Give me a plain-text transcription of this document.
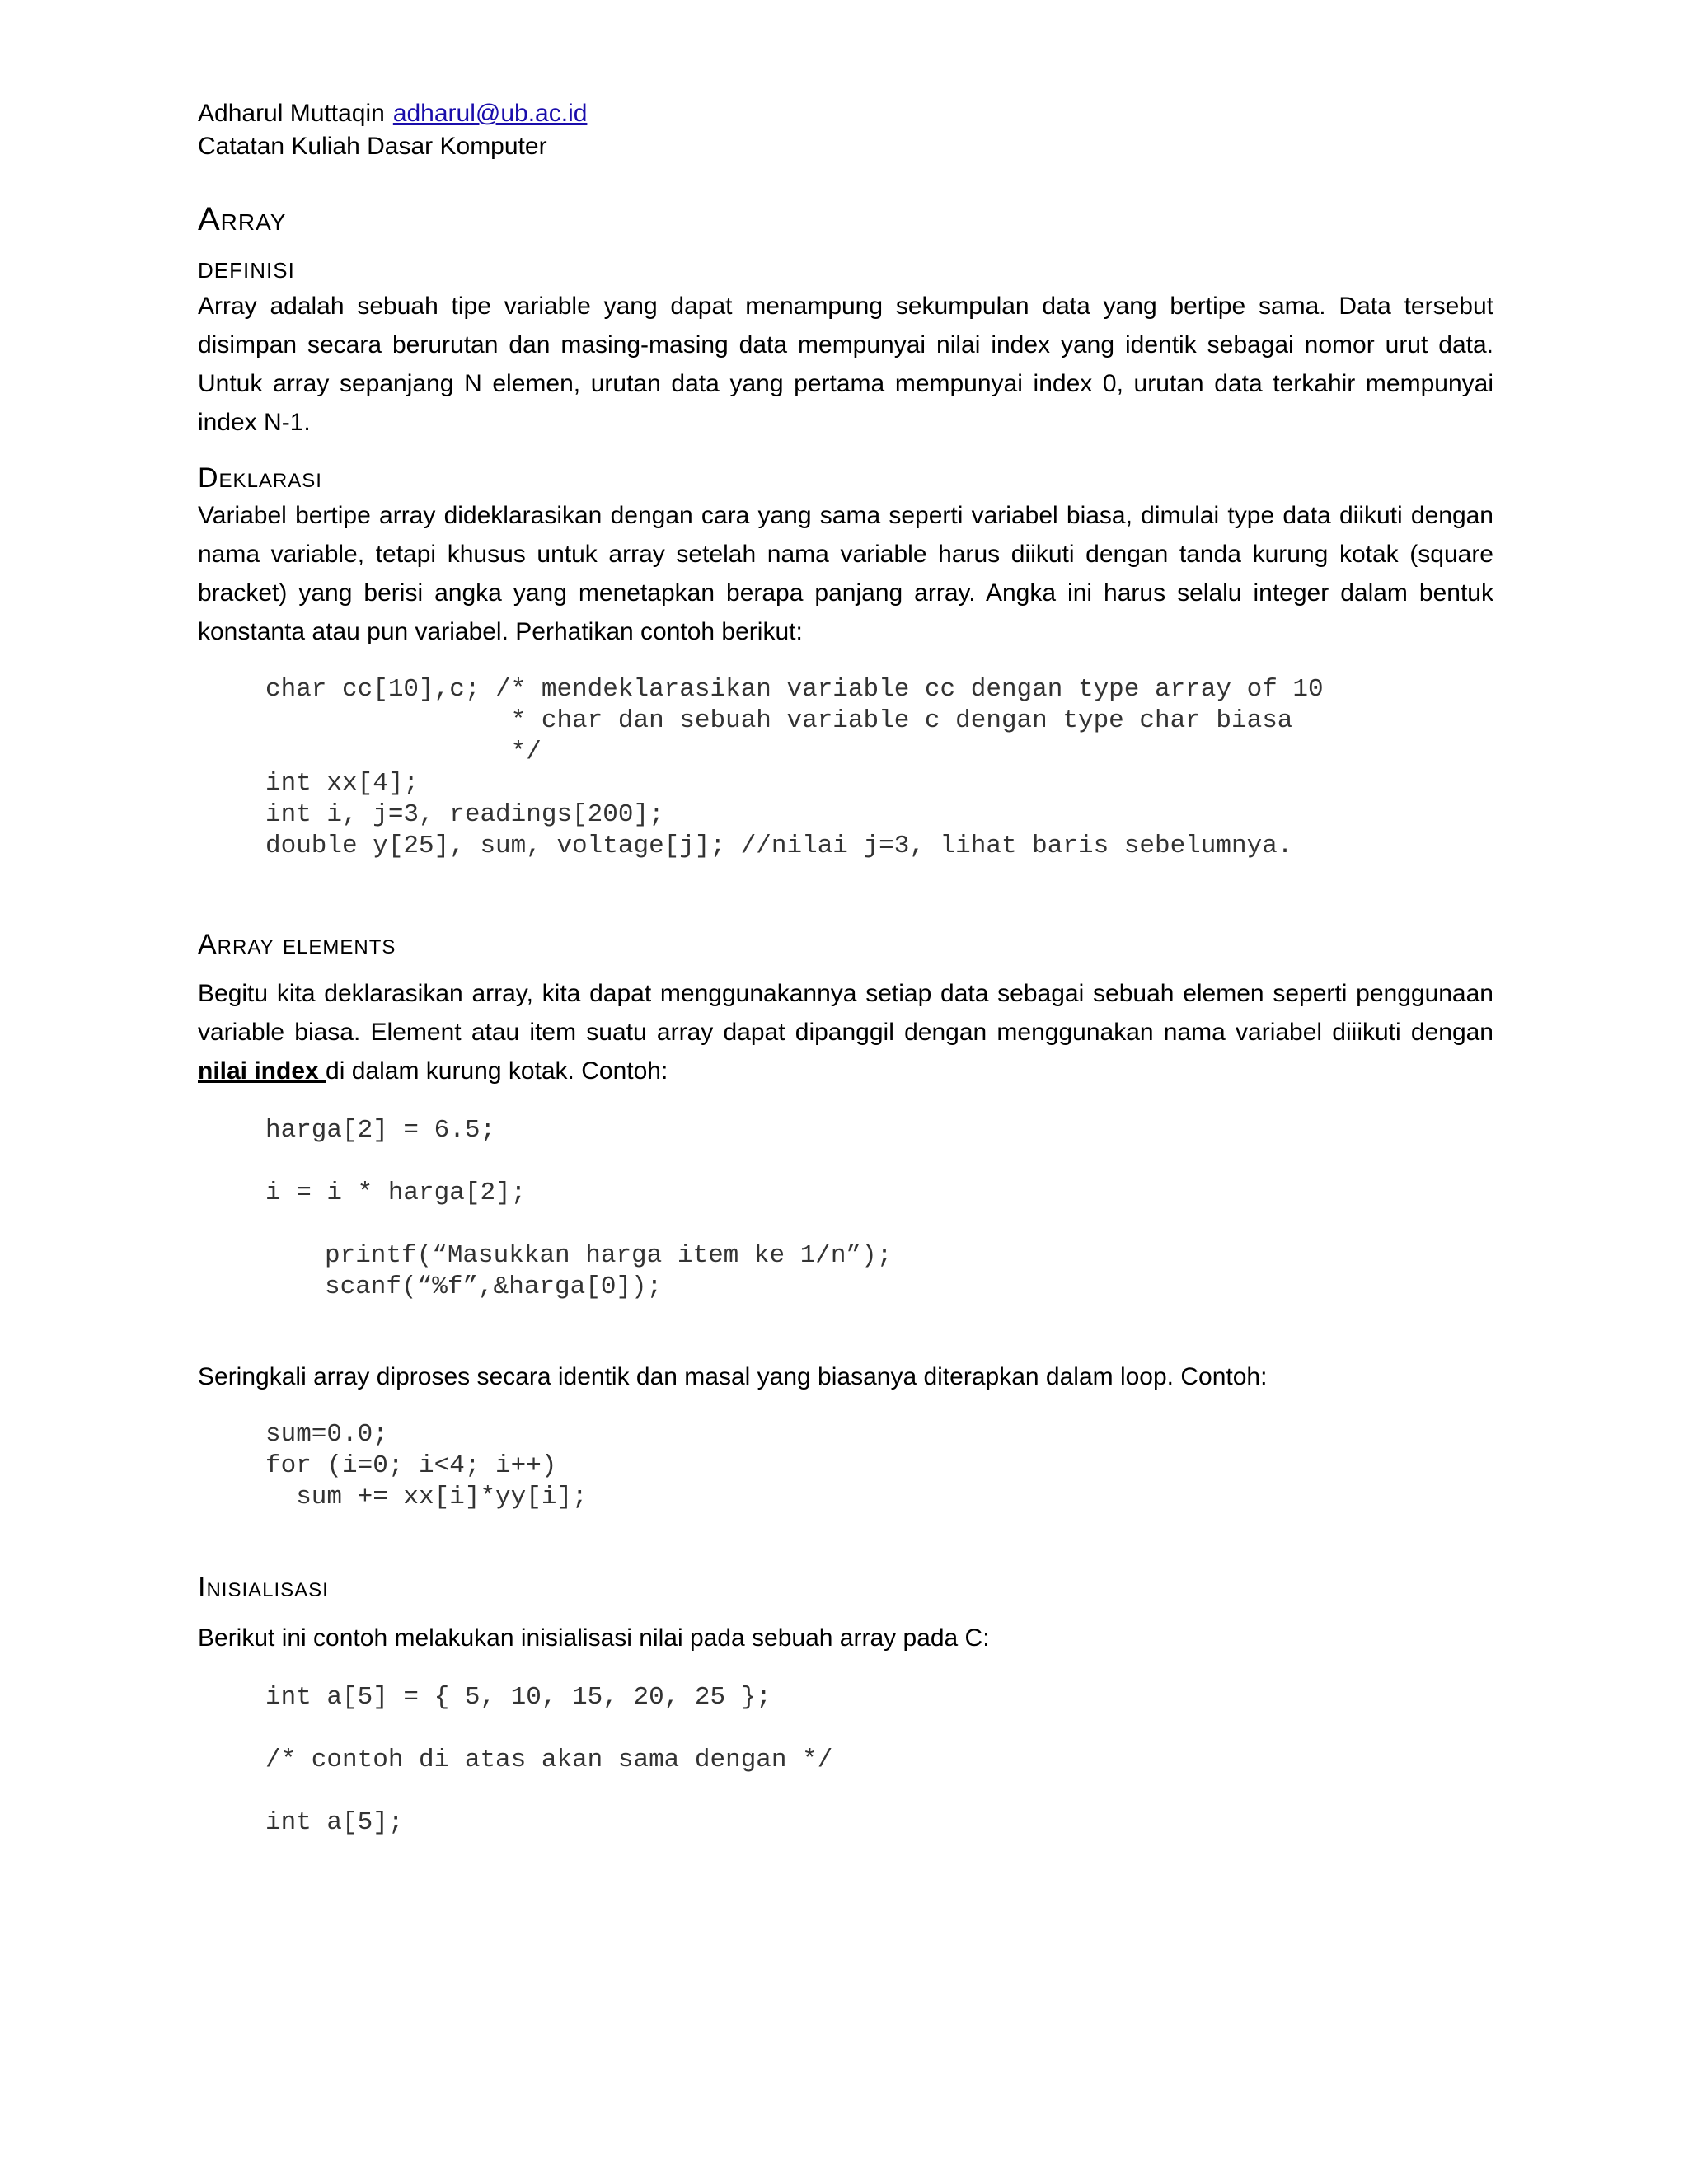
Adharul Muttaqin adharul@ub.ac.id
Catatan Kuliah Dasar Komputer
Array
DEFINISI
Array adalah sebuah tipe variable yang dapat menampung sekumpulan data yang bertipe sama. Data tersebut disimpan secara berurutan dan masing-masing data mempunyai nilai index yang identik sebagai nomor urut data. Untuk array sepanjang N elemen, urutan data yang pertama mempunyai index 0, urutan data terkahir mempunyai index N-1.
Deklarasi
Variabel bertipe array dideklarasikan dengan cara yang sama seperti variabel biasa, dimulai type data diikuti dengan nama variable, tetapi khusus untuk array setelah nama variable harus diikuti dengan tanda kurung kotak (square bracket) yang berisi angka yang menetapkan berapa panjang array. Angka ini harus selalu integer dalam bentuk konstanta atau pun variabel. Perhatikan contoh berikut:
char cc[10],c; /* mendeklarasikan variable cc dengan type array of 10
* char dan sebuah variable c dengan type char biasa
*/
int xx[4];
int i, j=3, readings[200];
double y[25], sum, voltage[j]; //nilai j=3, lihat baris sebelumnya.
Array elements
Begitu kita deklarasikan array, kita dapat menggunakannya setiap data sebagai sebuah elemen seperti penggunaan variable biasa. Element atau item suatu array dapat dipanggil dengan menggunakan nama variabel diiikuti dengan nilai index di dalam kurung kotak. Contoh:
harga[2] = 6.5;
i = i * harga[2];
printf(“Masukkan harga item ke 1/n”);
scanf(“%f”,&harga[0]);
Seringkali array diproses secara identik dan masal yang biasanya diterapkan dalam loop. Contoh:
sum=0.0;
for (i=0; i<4; i++)
sum += xx[i]*yy[i];
Inisialisasi
Berikut ini contoh melakukan inisialisasi nilai pada sebuah array pada C:
int a[5] = { 5, 10, 15, 20, 25 };
/* contoh di atas akan sama dengan */
int a[5];
